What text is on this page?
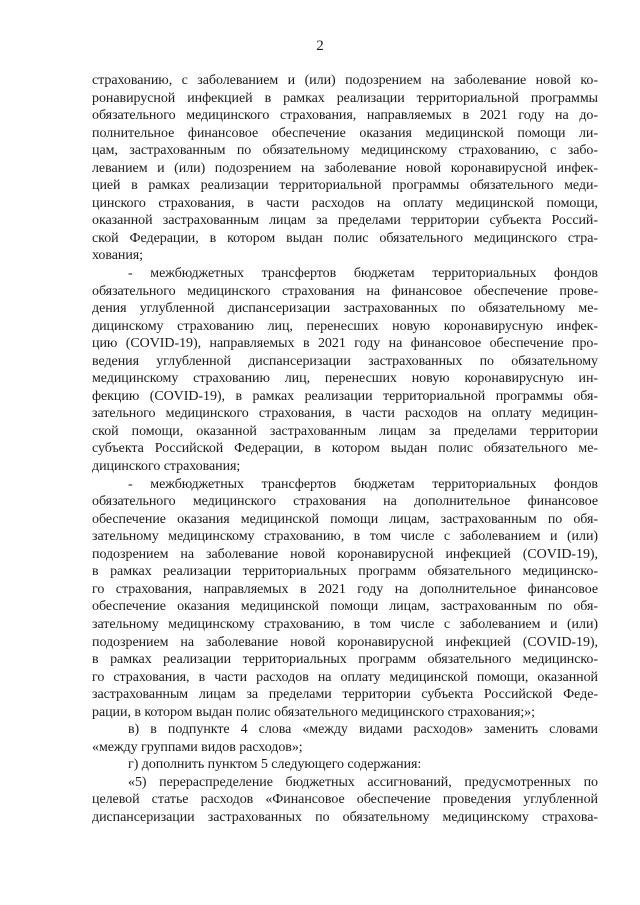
2
страхованию, с заболеванием и (или) подозрением на заболевание новой ко-
ронавирусной инфекцией в рамках реализации территориальной программы
обязательного медицинского страхования, направляемых в 2021 году на до-
полнительное финансовое обеспечение оказания медицинской помощи ли-
цам, застрахованным по обязательному медицинскому страхованию, с забо-
леванием и (или) подозрением на заболевание новой коронавирусной инфек-
цией в рамках реализации территориальной программы обязательного меди-
цинского страхования, в части расходов на оплату медицинской помощи,
оказанной застрахованным лицам за пределами территории субъекта Россий-
ской Федерации, в котором выдан полис обязательного медицинского стра-
хования;
- межбюджетных трансфертов бюджетам территориальных фондов
обязательного медицинского страхования на финансовое обеспечение прове-
дения углубленной диспансеризации застрахованных по обязательному ме-
дицинскому страхованию лиц, перенесших новую коронавирусную инфек-
цию (COVID-19), направляемых в 2021 году на финансовое обеспечение про-
ведения углубленной диспансеризации застрахованных по обязательному
медицинскому страхованию лиц, перенесших новую коронавирусную ин-
фекцию (COVID-19), в рамках реализации территориальной программы обя-
зательного медицинского страхования, в части расходов на оплату медицин-
ской помощи, оказанной застрахованным лицам за пределами территории
субъекта Российской Федерации, в котором выдан полис обязательного ме-
дицинского страхования;
- межбюджетных трансфертов бюджетам территориальных фондов
обязательного медицинского страхования на дополнительное финансовое
обеспечение оказания медицинской помощи лицам, застрахованным по обя-
зательному медицинскому страхованию, в том числе с заболеванием и (или)
подозрением на заболевание новой коронавирусной инфекцией (COVID-19),
в рамках реализации территориальных программ обязательного медицинско-
го страхования, направляемых в 2021 году на дополнительное финансовое
обеспечение оказания медицинской помощи лицам, застрахованным по обя-
зательному медицинскому страхованию, в том числе с заболеванием и (или)
подозрением на заболевание новой коронавирусной инфекцией (COVID-19),
в рамках реализации территориальных программ обязательного медицинско-
го страхования, в части расходов на оплату медицинской помощи, оказанной
застрахованным лицам за пределами территории субъекта Российской Феде-
рации, в котором выдан полис обязательного медицинского страхования;»;
в) в подпункте 4 слова «между видами расходов» заменить словами
«между группами видов расходов»;
г) дополнить пунктом 5 следующего содержания:
«5) перераспределение бюджетных ассигнований, предусмотренных по
целевой статье расходов «Финансовое обеспечение проведения углубленной
диспансеризации застрахованных по обязательному медицинскому страхова-
